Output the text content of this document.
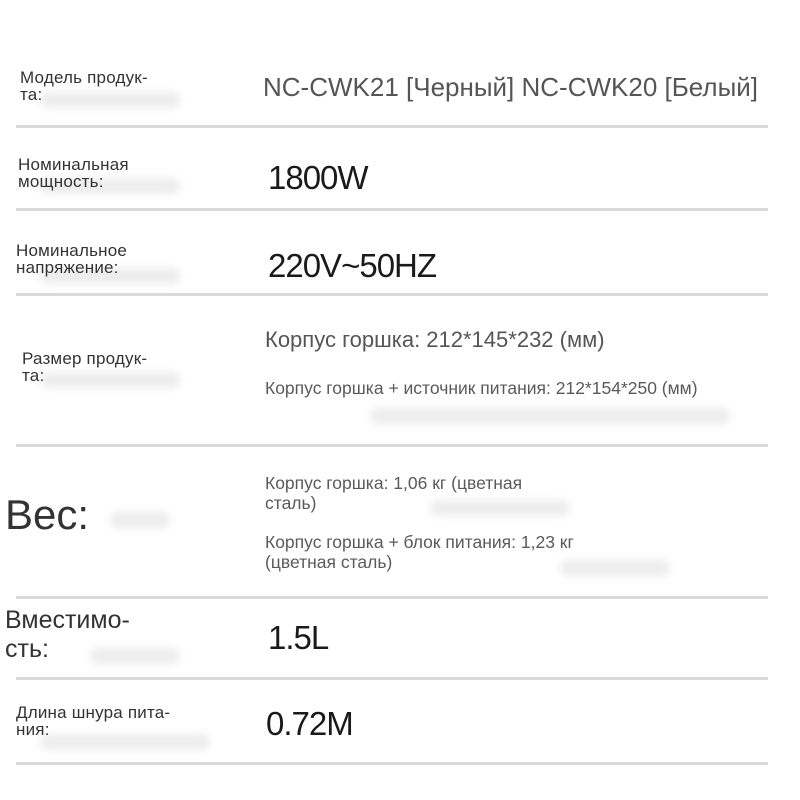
Модель продук-
та:	NC-CWK21 [Черный] NC-CWK20 [Белый]
Номинальная
мощность:	1800W
Номинальное
напряжение:	220V~50HZ
Размер продук-
та:
Корпус горшка: 212*145*232 (мм)
Корпус горшка + источник питания: 212*154*250 (мм)
Вес:
Корпус горшка: 1,06 кг (цветная сталь)
Корпус горшка + блок питания: 1,23 кг (цветная сталь)
Вместимо-
сть:	1.5L
Длина шнура пита-
ния:	0.72M
